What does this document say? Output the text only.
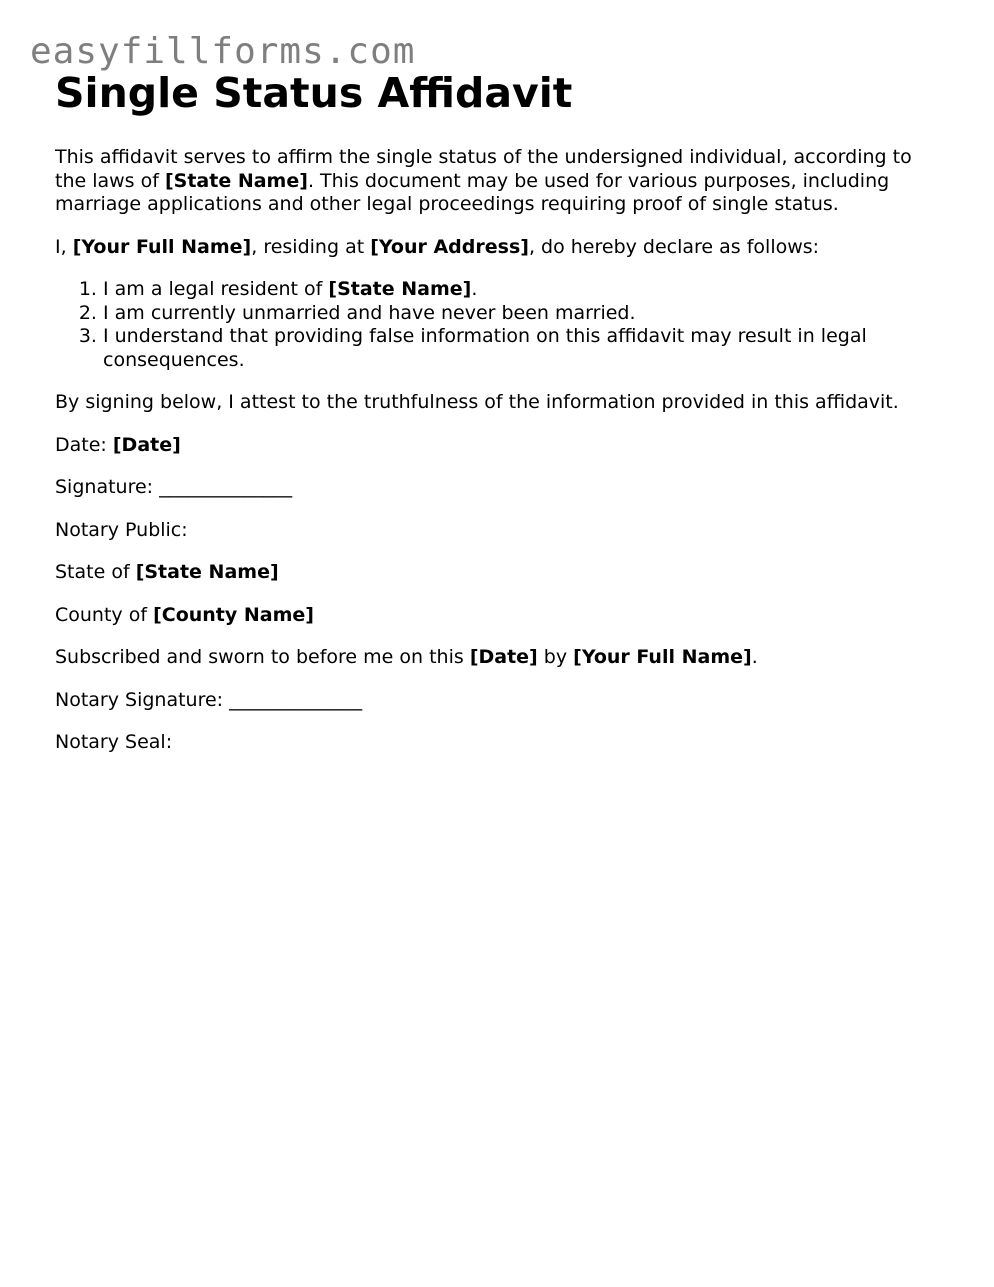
easyfillforms.com
Single Status Affidavit

This affidavit serves to affirm the single status of the undersigned individual, according to the laws of [State Name]. This document may be used for various purposes, including marriage applications and other legal proceedings requiring proof of single status.

I, [Your Full Name], residing at [Your Address], do hereby declare as follows:

1. I am a legal resident of [State Name].
2. I am currently unmarried and have never been married.
3. I understand that providing false information on this affidavit may result in legal consequences.

By signing below, I attest to the truthfulness of the information provided in this affidavit.

Date: [Date]

Signature: ______________

Notary Public:

State of [State Name]

County of [County Name]

Subscribed and sworn to before me on this [Date] by [Your Full Name].

Notary Signature: ______________

Notary Seal:
